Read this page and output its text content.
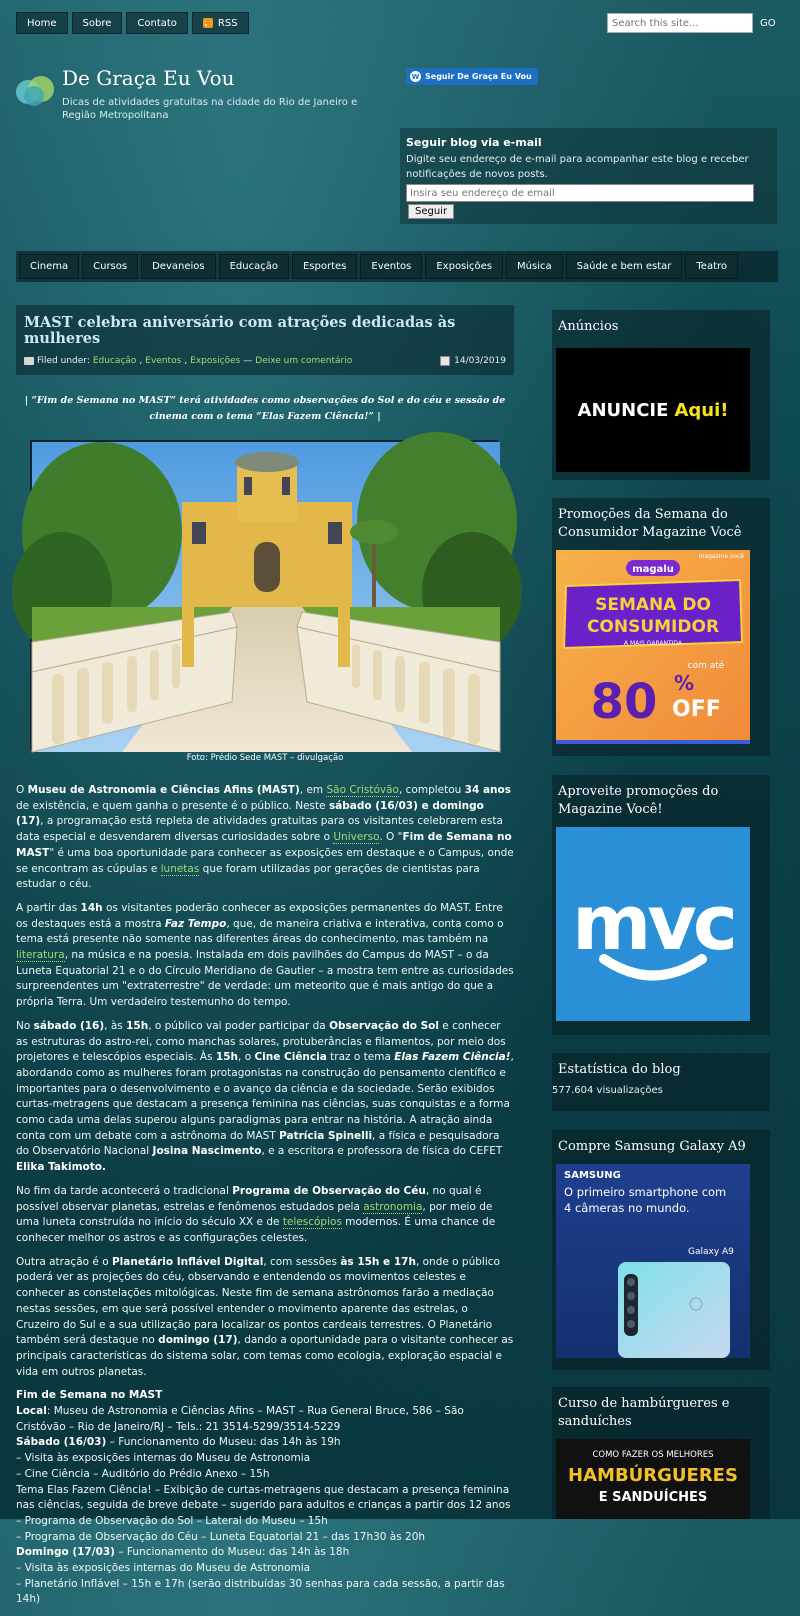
Home	Sobre	Contato	RSS
Search this site...	GO
De Graça Eu Vou
Dicas de atividades gratuitas na cidade do Rio de Janeiro e Região Metropolitana
W Seguir De Graça Eu Vou
Seguir blog via e-mail

Digite seu endereço de e-mail para acompanhar este blog e receber notificações de novos posts.

Insira seu endereço de email
Seguir
Cinema	Cursos	Devaneios	Educação	Esportes	Eventos	Exposições	Música	Saúde e bem estar	Teatro
MAST celebra aniversário com atrações dedicadas às mulheres
Filed under: Educação , Eventos , Exposições — Deixe um comentário	14/03/2019
| “Fim de Semana no MAST” terá atividades como observações do Sol e do céu e sessão de cinema com o tema “Elas Fazem Ciência!” |
Foto: Prédio Sede MAST – divulgação

O Museu de Astronomia e Ciências Afins (MAST), em São Cristóvão, completou 34 anos de existência, e quem ganha o presente é o público. Neste sábado (16/03) e domingo (17), a programação está repleta de atividades gratuitas para os visitantes celebrarem esta data especial e desvendarem diversas curiosidades sobre o Universo. O "Fim de Semana no MAST" é uma boa oportunidade para conhecer as exposições em destaque e o Campus, onde se encontram as cúpulas e lunetas que foram utilizadas por gerações de cientistas para estudar o céu.

A partir das 14h os visitantes poderão conhecer as exposições permanentes do MAST. Entre os destaques está a mostra Faz Tempo, que, de maneira criativa e interativa, conta como o tema está presente não somente nas diferentes áreas do conhecimento, mas também na literatura, na música e na poesia. Instalada em dois pavilhões do Campus do MAST – o da Luneta Equatorial 21 e o do Círculo Meridiano de Gautier – a mostra tem entre as curiosidades surpreendentes um "extraterrestre" de verdade: um meteorito que é mais antigo do que a própria Terra. Um verdadeiro testemunho do tempo.

No sábado (16), às 15h, o público vai poder participar da Observação do Sol e conhecer as estruturas do astro-rei, como manchas solares, protuberâncias e filamentos, por meio dos projetores e telescópios especiais. Às 15h, o Cine Ciência traz o tema Elas Fazem Ciência!, abordando como as mulheres foram protagonistas na construção do pensamento científico e importantes para o desenvolvimento e o avanço da ciência e da sociedade. Serão exibidos curtas-metragens que destacam a presença feminina nas ciências, suas conquistas e a forma como cada uma delas superou alguns paradigmas para entrar na história. A atração ainda conta com um debate com a astrônoma do MAST Patrícia Spinelli, a física e pesquisadora do Observatório Nacional Josina Nascimento, e a escritora e professora de física do CEFET Elika Takimoto.

No fim da tarde acontecerá o tradicional Programa de Observação do Céu, no qual é possível observar planetas, estrelas e fenômenos estudados pela astronomia, por meio de uma luneta construída no início do século XX e de telescópios modernos. É uma chance de conhecer melhor os astros e as configurações celestes.

Outra atração é o Planetário Inflável Digital, com sessões às 15h e 17h, onde o público poderá ver as projeções do céu, observando e entendendo os movimentos celestes e conhecer as constelações mitológicas. Neste fim de semana astrônomos farão a mediação nestas sessões, em que será possível entender o movimento aparente das estrelas, o Cruzeiro do Sul e a sua utilização para localizar os pontos cardeais terrestres. O Planetário também será destaque no domingo (17), dando a oportunidade para o visitante conhecer as principais características do sistema solar, com temas como ecologia, exploração espacial e vida em outros planetas.

Fim de Semana no MAST
Local: Museu de Astronomia e Ciências Afins – MAST – Rua General Bruce, 586 – São Cristóvão – Rio de Janeiro/RJ – Tels.: 21 3514-5299/3514-5229
Sábado (16/03) – Funcionamento do Museu: das 14h às 19h
– Visita às exposições internas do Museu de Astronomia
– Cine Ciência – Auditório do Prédio Anexo – 15h
Tema Elas Fazem Ciência! – Exibição de curtas-metragens que destacam a presença feminina nas ciências, seguida de breve debate – sugerido para adultos e crianças a partir dos 12 anos
– Programa de Observação do Sol – Lateral do Museu – 15h
– Programa de Observação do Céu – Luneta Equatorial 21 – das 17h30 às 20h
Domingo (17/03) – Funcionamento do Museu: das 14h às 18h
– Visita às exposições internas do Museu de Astronomia
– Planetário Inflável – 15h e 17h (serão distribuídas 30 senhas para cada sessão, a partir das 14h)

Anúncios
ANUNCIE Aqui!
Promoções da Semana do Consumidor Magazine Você
magazine você
magalu
SEMANA DO
CONSUMIDOR
A MAIS GARANTIDA
com até
80 %
OFF
Aproveite promoções do Magazine Você!
mvc
Estatística do blog
577.604 visualizações
Compre Samsung Galaxy A9
SAMSUNG
O primeiro smartphone com
4 câmeras no mundo.
Galaxy A9
Curso de hambúrgueres e sanduíches
COMO FAZER OS MELHORES
HAMBÚRGUERES
E SANDUÍCHES
